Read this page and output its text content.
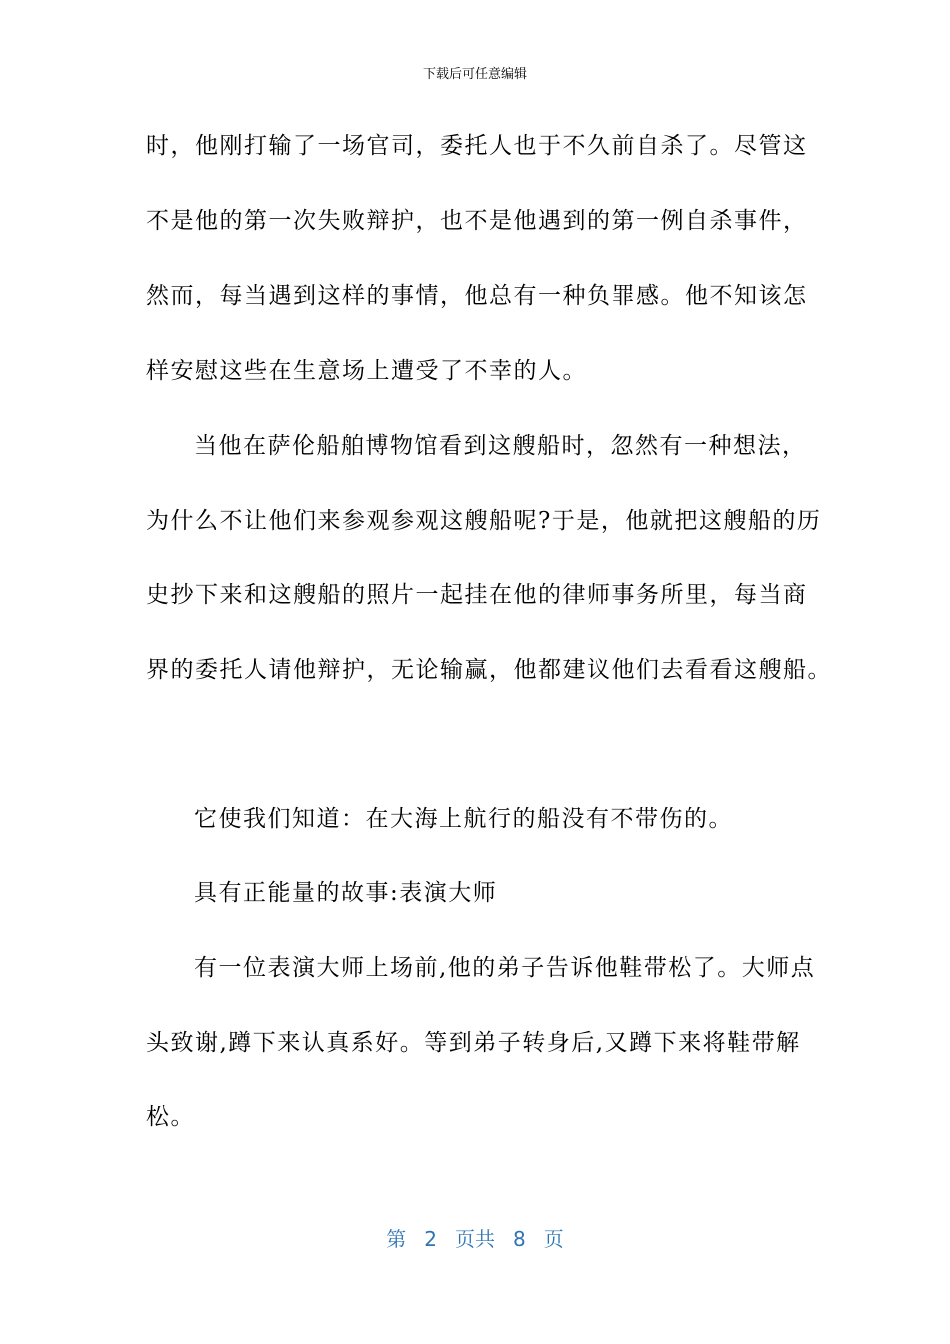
下载后可任意编辑
时，他刚打输了一场官司，委托人也于不久前自杀了。尽管这
不是他的第一次失败辩护，也不是他遇到的第一例自杀事件，
然而，每当遇到这样的事情，他总有一种负罪感。他不知该怎
样安慰这些在生意场上遭受了不幸的人。
当他在萨伦船舶博物馆看到这艘船时，忽然有一种想法，
为什么不让他们来参观参观这艘船呢?于是，他就把这艘船的历
史抄下来和这艘船的照片一起挂在他的律师事务所里，每当商
界的委托人请他辩护，无论输赢，他都建议他们去看看这艘船。
它使我们知道：在大海上航行的船没有不带伤的。
具有正能量的故事:表演大师
有一位表演大师上场前,他的弟子告诉他鞋带松了。大师点
头致谢,蹲下来认真系好。等到弟子转身后,又蹲下来将鞋带解
松。
第 2 页共 8 页
